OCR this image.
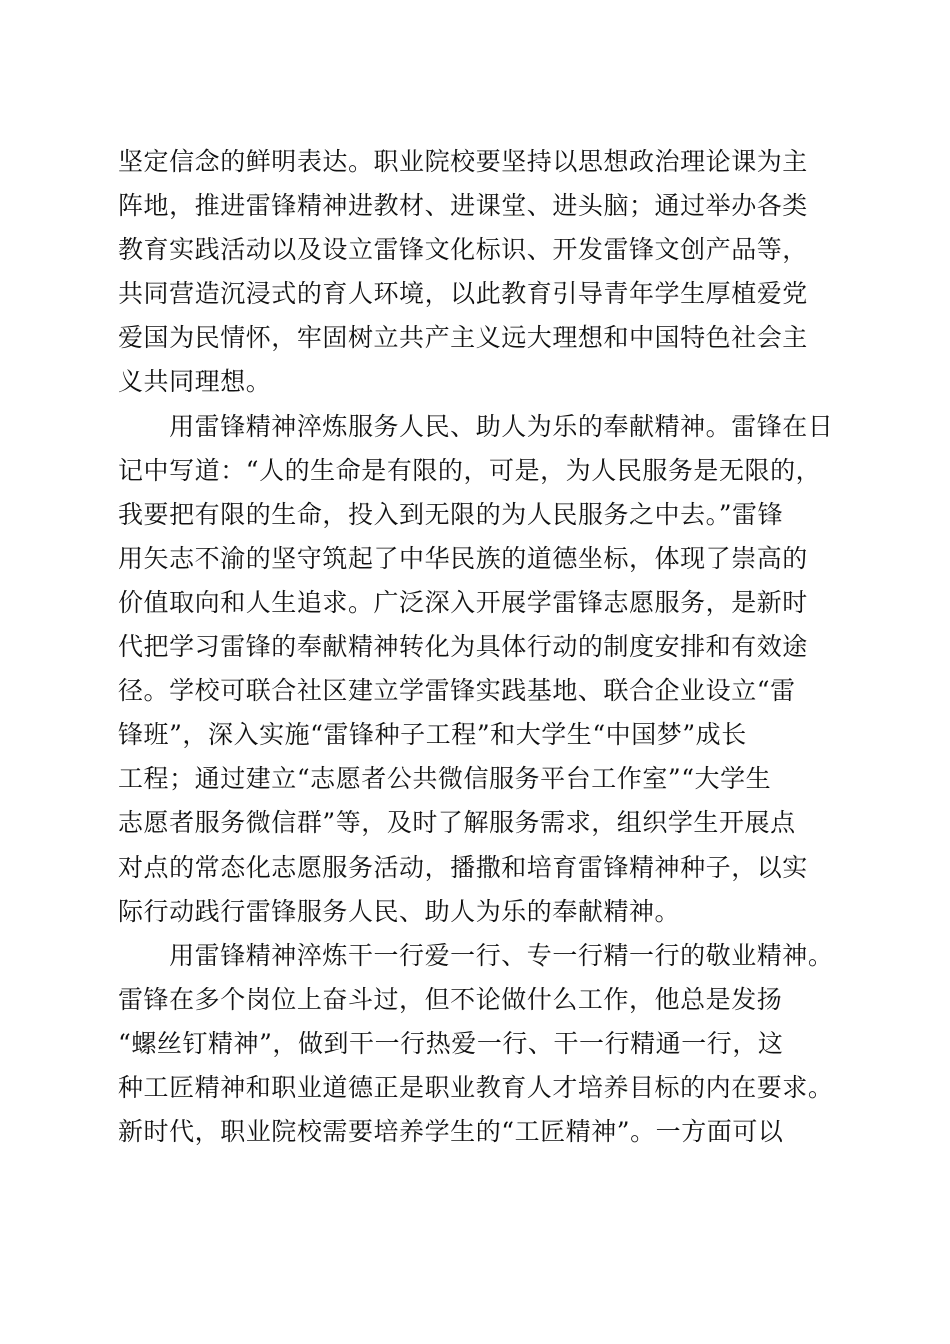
坚定信念的鲜明表达。职业院校要坚持以思想政治理论课为主
阵地，推进雷锋精神进教材、进课堂、进头脑；通过举办各类
教育实践活动以及设立雷锋文化标识、开发雷锋文创产品等，
共同营造沉浸式的育人环境，以此教育引导青年学生厚植爱党
爱国为民情怀，牢固树立共产主义远大理想和中国特色社会主
义共同理想。
　　用雷锋精神淬炼服务人民、助人为乐的奉献精神。雷锋在日
记中写道：“人的生命是有限的，可是，为人民服务是无限的，
我要把有限的生命，投入到无限的为人民服务之中去。”雷锋
用矢志不渝的坚守筑起了中华民族的道德坐标，体现了崇高的
价值取向和人生追求。广泛深入开展学雷锋志愿服务，是新时
代把学习雷锋的奉献精神转化为具体行动的制度安排和有效途
径。学校可联合社区建立学雷锋实践基地、联合企业设立“雷
锋班”，深入实施“雷锋种子工程”和大学生“中国梦”成长
工程；通过建立“志愿者公共微信服务平台工作室”“大学生
志愿者服务微信群”等，及时了解服务需求，组织学生开展点
对点的常态化志愿服务活动，播撒和培育雷锋精神种子，以实
际行动践行雷锋服务人民、助人为乐的奉献精神。
　　用雷锋精神淬炼干一行爱一行、专一行精一行的敬业精神。
雷锋在多个岗位上奋斗过，但不论做什么工作，他总是发扬
“螺丝钉精神”，做到干一行热爱一行、干一行精通一行，这
种工匠精神和职业道德正是职业教育人才培养目标的内在要求。
新时代，职业院校需要培养学生的“工匠精神”。一方面可以
